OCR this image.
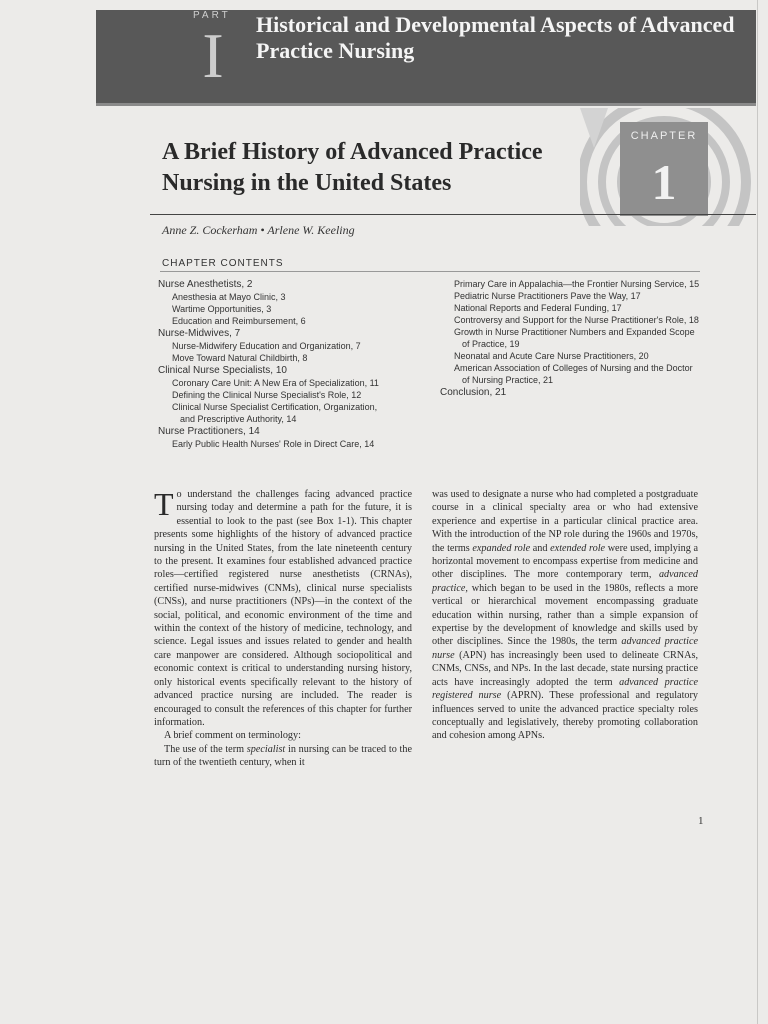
PART
I Historical and Developmental Aspects of Advanced Practice Nursing
CHAPTER
1
A Brief History of Advanced Practice
Nursing in the United States
Anne Z. Cockerham • Arlene W. Keeling
CHAPTER CONTENTS
Nurse Anesthetists, 2
Anesthesia at Mayo Clinic, 3
Wartime Opportunities, 3
Education and Reimbursement, 6
Nurse-Midwives, 7
Nurse-Midwifery Education and Organization, 7
Move Toward Natural Childbirth, 8
Clinical Nurse Specialists, 10
Coronary Care Unit: A New Era of Specialization, 11
Defining the Clinical Nurse Specialist's Role, 12
Clinical Nurse Specialist Certification, Organization, and Prescriptive Authority, 14
Nurse Practitioners, 14
Early Public Health Nurses' Role in Direct Care, 14
Primary Care in Appalachia—the Frontier Nursing Service, 15
Pediatric Nurse Practitioners Pave the Way, 17
National Reports and Federal Funding, 17
Controversy and Support for the Nurse Practitioner's Role, 18
Growth in Nurse Practitioner Numbers and Expanded Scope of Practice, 19
Neonatal and Acute Care Nurse Practitioners, 20
American Association of Colleges of Nursing and the Doctor of Nursing Practice, 21
Conclusion, 21

To understand the challenges facing advanced practice nursing today and determine a path for the future, it is essential to look to the past (see Box 1-1). This chapter presents some highlights of the history of advanced practice nursing in the United States, from the late nineteenth century to the present. It examines four established advanced practice roles—certified registered nurse anesthetists (CRNAs), certified nurse-midwives (CNMs), clinical nurse specialists (CNSs), and nurse practitioners (NPs)—in the context of the social, political, and economic environment of the time and within the context of the history of medicine, technology, and science. Legal issues and issues related to gender and health care manpower are considered. Although sociopolitical and economic context is critical to understanding nursing history, only historical events specifically relevant to the history of advanced practice nursing are included. The reader is encouraged to consult the references of this chapter for further information.

A brief comment on terminology:

The use of the term specialist in nursing can be traced to the turn of the twentieth century, when it

was used to designate a nurse who had completed a postgraduate course in a clinical specialty area or who had extensive experience and expertise in a particular clinical practice area. With the introduction of the NP role during the 1960s and 1970s, the terms expanded role and extended role were used, implying a horizontal movement to encompass expertise from medicine and other disciplines. The more contemporary term, advanced practice, which began to be used in the 1980s, reflects a more vertical or hierarchical movement encompassing graduate education within nursing, rather than a simple expansion of expertise by the development of knowledge and skills used by other disciplines. Since the 1980s, the term advanced practice nurse (APN) has increasingly been used to delineate CRNAs, CNMs, CNSs, and NPs. In the last decade, state nursing practice acts have increasingly adopted the term advanced practice registered nurse (APRN). These professional and regulatory influences served to unite the advanced practice specialty roles conceptually and legislatively, thereby promoting collaboration and cohesion among APNs.

1
